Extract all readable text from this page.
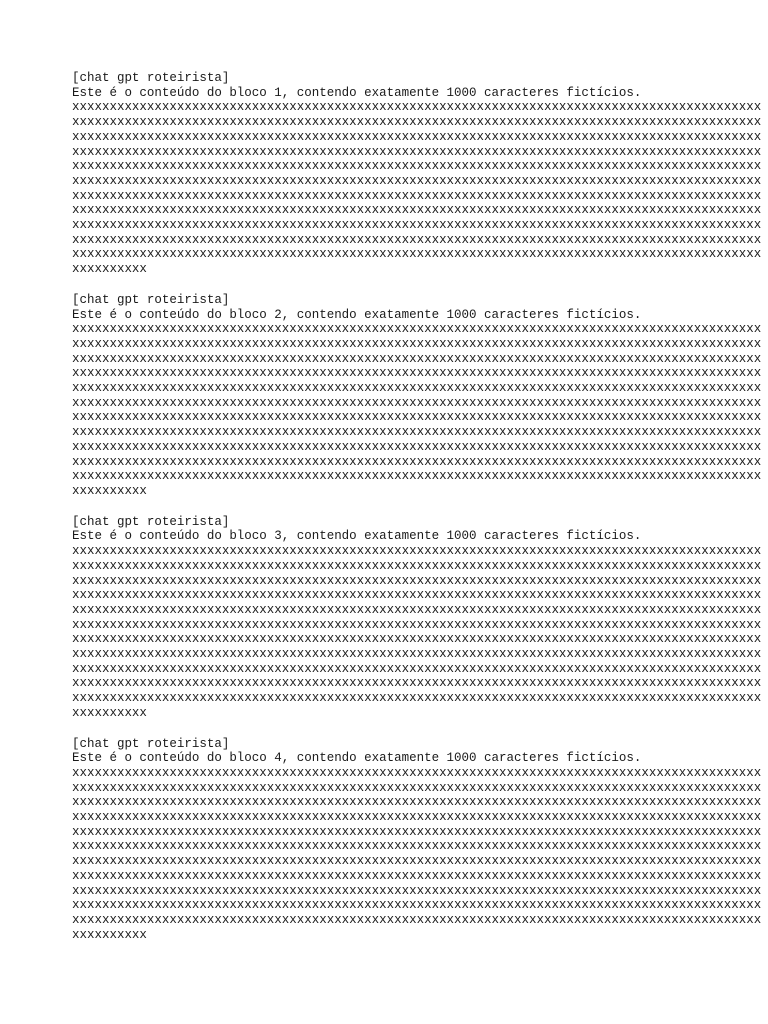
[chat gpt roteirista]
Este é o conteúdo do bloco 1, contendo exatamente 1000 caracteres fictícios.
xxxxxxxxxxxxxxxxxxxxxxxxxxxxxxxxxxxxxxxxxxxxxxxxxxxxxxxxxxxxxxxxxxxxxxxxxxxxxxxxxxxxxxxxxxxx
xxxxxxxxxxxxxxxxxxxxxxxxxxxxxxxxxxxxxxxxxxxxxxxxxxxxxxxxxxxxxxxxxxxxxxxxxxxxxxxxxxxxxxxxxxxx
xxxxxxxxxxxxxxxxxxxxxxxxxxxxxxxxxxxxxxxxxxxxxxxxxxxxxxxxxxxxxxxxxxxxxxxxxxxxxxxxxxxxxxxxxxxx
xxxxxxxxxxxxxxxxxxxxxxxxxxxxxxxxxxxxxxxxxxxxxxxxxxxxxxxxxxxxxxxxxxxxxxxxxxxxxxxxxxxxxxxxxxxx
xxxxxxxxxxxxxxxxxxxxxxxxxxxxxxxxxxxxxxxxxxxxxxxxxxxxxxxxxxxxxxxxxxxxxxxxxxxxxxxxxxxxxxxxxxxx
xxxxxxxxxxxxxxxxxxxxxxxxxxxxxxxxxxxxxxxxxxxxxxxxxxxxxxxxxxxxxxxxxxxxxxxxxxxxxxxxxxxxxxxxxxxx
xxxxxxxxxxxxxxxxxxxxxxxxxxxxxxxxxxxxxxxxxxxxxxxxxxxxxxxxxxxxxxxxxxxxxxxxxxxxxxxxxxxxxxxxxxxx
xxxxxxxxxxxxxxxxxxxxxxxxxxxxxxxxxxxxxxxxxxxxxxxxxxxxxxxxxxxxxxxxxxxxxxxxxxxxxxxxxxxxxxxxxxxx
xxxxxxxxxxxxxxxxxxxxxxxxxxxxxxxxxxxxxxxxxxxxxxxxxxxxxxxxxxxxxxxxxxxxxxxxxxxxxxxxxxxxxxxxxxxx
xxxxxxxxxxxxxxxxxxxxxxxxxxxxxxxxxxxxxxxxxxxxxxxxxxxxxxxxxxxxxxxxxxxxxxxxxxxxxxxxxxxxxxxxxxxx
xxxxxxxxxxxxxxxxxxxxxxxxxxxxxxxxxxxxxxxxxxxxxxxxxxxxxxxxxxxxxxxxxxxxxxxxxxxxxxxxxxxxxxxxxxxx
xxxxxxxxxx
[chat gpt roteirista]
Este é o conteúdo do bloco 2, contendo exatamente 1000 caracteres fictícios.
xxxxxxxxxxxxxxxxxxxxxxxxxxxxxxxxxxxxxxxxxxxxxxxxxxxxxxxxxxxxxxxxxxxxxxxxxxxxxxxxxxxxxxxxxxxx
xxxxxxxxxxxxxxxxxxxxxxxxxxxxxxxxxxxxxxxxxxxxxxxxxxxxxxxxxxxxxxxxxxxxxxxxxxxxxxxxxxxxxxxxxxxx
xxxxxxxxxxxxxxxxxxxxxxxxxxxxxxxxxxxxxxxxxxxxxxxxxxxxxxxxxxxxxxxxxxxxxxxxxxxxxxxxxxxxxxxxxxxx
xxxxxxxxxxxxxxxxxxxxxxxxxxxxxxxxxxxxxxxxxxxxxxxxxxxxxxxxxxxxxxxxxxxxxxxxxxxxxxxxxxxxxxxxxxxx
xxxxxxxxxxxxxxxxxxxxxxxxxxxxxxxxxxxxxxxxxxxxxxxxxxxxxxxxxxxxxxxxxxxxxxxxxxxxxxxxxxxxxxxxxxxx
xxxxxxxxxxxxxxxxxxxxxxxxxxxxxxxxxxxxxxxxxxxxxxxxxxxxxxxxxxxxxxxxxxxxxxxxxxxxxxxxxxxxxxxxxxxx
xxxxxxxxxxxxxxxxxxxxxxxxxxxxxxxxxxxxxxxxxxxxxxxxxxxxxxxxxxxxxxxxxxxxxxxxxxxxxxxxxxxxxxxxxxxx
xxxxxxxxxxxxxxxxxxxxxxxxxxxxxxxxxxxxxxxxxxxxxxxxxxxxxxxxxxxxxxxxxxxxxxxxxxxxxxxxxxxxxxxxxxxx
xxxxxxxxxxxxxxxxxxxxxxxxxxxxxxxxxxxxxxxxxxxxxxxxxxxxxxxxxxxxxxxxxxxxxxxxxxxxxxxxxxxxxxxxxxxx
xxxxxxxxxxxxxxxxxxxxxxxxxxxxxxxxxxxxxxxxxxxxxxxxxxxxxxxxxxxxxxxxxxxxxxxxxxxxxxxxxxxxxxxxxxxx
xxxxxxxxxxxxxxxxxxxxxxxxxxxxxxxxxxxxxxxxxxxxxxxxxxxxxxxxxxxxxxxxxxxxxxxxxxxxxxxxxxxxxxxxxxxx
xxxxxxxxxx
[chat gpt roteirista]
Este é o conteúdo do bloco 3, contendo exatamente 1000 caracteres fictícios.
xxxxxxxxxxxxxxxxxxxxxxxxxxxxxxxxxxxxxxxxxxxxxxxxxxxxxxxxxxxxxxxxxxxxxxxxxxxxxxxxxxxxxxxxxxxx
xxxxxxxxxxxxxxxxxxxxxxxxxxxxxxxxxxxxxxxxxxxxxxxxxxxxxxxxxxxxxxxxxxxxxxxxxxxxxxxxxxxxxxxxxxxx
xxxxxxxxxxxxxxxxxxxxxxxxxxxxxxxxxxxxxxxxxxxxxxxxxxxxxxxxxxxxxxxxxxxxxxxxxxxxxxxxxxxxxxxxxxxx
xxxxxxxxxxxxxxxxxxxxxxxxxxxxxxxxxxxxxxxxxxxxxxxxxxxxxxxxxxxxxxxxxxxxxxxxxxxxxxxxxxxxxxxxxxxx
xxxxxxxxxxxxxxxxxxxxxxxxxxxxxxxxxxxxxxxxxxxxxxxxxxxxxxxxxxxxxxxxxxxxxxxxxxxxxxxxxxxxxxxxxxxx
xxxxxxxxxxxxxxxxxxxxxxxxxxxxxxxxxxxxxxxxxxxxxxxxxxxxxxxxxxxxxxxxxxxxxxxxxxxxxxxxxxxxxxxxxxxx
xxxxxxxxxxxxxxxxxxxxxxxxxxxxxxxxxxxxxxxxxxxxxxxxxxxxxxxxxxxxxxxxxxxxxxxxxxxxxxxxxxxxxxxxxxxx
xxxxxxxxxxxxxxxxxxxxxxxxxxxxxxxxxxxxxxxxxxxxxxxxxxxxxxxxxxxxxxxxxxxxxxxxxxxxxxxxxxxxxxxxxxxx
xxxxxxxxxxxxxxxxxxxxxxxxxxxxxxxxxxxxxxxxxxxxxxxxxxxxxxxxxxxxxxxxxxxxxxxxxxxxxxxxxxxxxxxxxxxx
xxxxxxxxxxxxxxxxxxxxxxxxxxxxxxxxxxxxxxxxxxxxxxxxxxxxxxxxxxxxxxxxxxxxxxxxxxxxxxxxxxxxxxxxxxxx
xxxxxxxxxxxxxxxxxxxxxxxxxxxxxxxxxxxxxxxxxxxxxxxxxxxxxxxxxxxxxxxxxxxxxxxxxxxxxxxxxxxxxxxxxxxx
xxxxxxxxxx
[chat gpt roteirista]
Este é o conteúdo do bloco 4, contendo exatamente 1000 caracteres fictícios.
xxxxxxxxxxxxxxxxxxxxxxxxxxxxxxxxxxxxxxxxxxxxxxxxxxxxxxxxxxxxxxxxxxxxxxxxxxxxxxxxxxxxxxxxxxxx
xxxxxxxxxxxxxxxxxxxxxxxxxxxxxxxxxxxxxxxxxxxxxxxxxxxxxxxxxxxxxxxxxxxxxxxxxxxxxxxxxxxxxxxxxxxx
xxxxxxxxxxxxxxxxxxxxxxxxxxxxxxxxxxxxxxxxxxxxxxxxxxxxxxxxxxxxxxxxxxxxxxxxxxxxxxxxxxxxxxxxxxxx
xxxxxxxxxxxxxxxxxxxxxxxxxxxxxxxxxxxxxxxxxxxxxxxxxxxxxxxxxxxxxxxxxxxxxxxxxxxxxxxxxxxxxxxxxxxx
xxxxxxxxxxxxxxxxxxxxxxxxxxxxxxxxxxxxxxxxxxxxxxxxxxxxxxxxxxxxxxxxxxxxxxxxxxxxxxxxxxxxxxxxxxxx
xxxxxxxxxxxxxxxxxxxxxxxxxxxxxxxxxxxxxxxxxxxxxxxxxxxxxxxxxxxxxxxxxxxxxxxxxxxxxxxxxxxxxxxxxxxx
xxxxxxxxxxxxxxxxxxxxxxxxxxxxxxxxxxxxxxxxxxxxxxxxxxxxxxxxxxxxxxxxxxxxxxxxxxxxxxxxxxxxxxxxxxxx
xxxxxxxxxxxxxxxxxxxxxxxxxxxxxxxxxxxxxxxxxxxxxxxxxxxxxxxxxxxxxxxxxxxxxxxxxxxxxxxxxxxxxxxxxxxx
xxxxxxxxxxxxxxxxxxxxxxxxxxxxxxxxxxxxxxxxxxxxxxxxxxxxxxxxxxxxxxxxxxxxxxxxxxxxxxxxxxxxxxxxxxxx
xxxxxxxxxxxxxxxxxxxxxxxxxxxxxxxxxxxxxxxxxxxxxxxxxxxxxxxxxxxxxxxxxxxxxxxxxxxxxxxxxxxxxxxxxxxx
xxxxxxxxxxxxxxxxxxxxxxxxxxxxxxxxxxxxxxxxxxxxxxxxxxxxxxxxxxxxxxxxxxxxxxxxxxxxxxxxxxxxxxxxxxxx
xxxxxxxxxx
